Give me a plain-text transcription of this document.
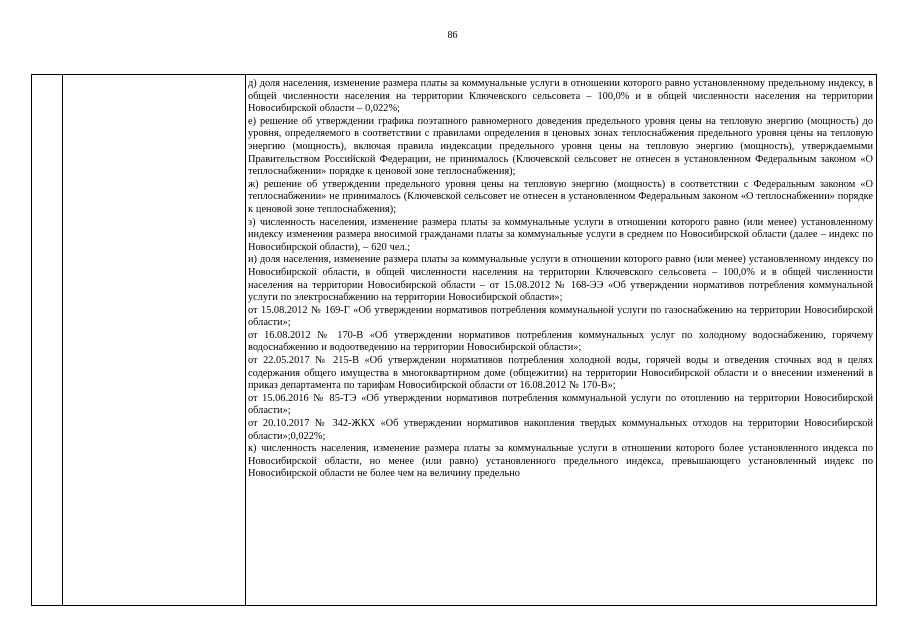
86

д) доля населения, изменение размера платы за коммунальные услуги в отношении которого равно установленному предельному индексу, в общей численности населения на территории Ключевского сельсовета – 100,0% и в общей численности населения на территории Новосибирской области – 0,022%;

е) решение об утверждении графика поэтапного равномерного доведения предельного уровня цены на тепловую энергию (мощность) до уровня, определяемого в соответствии с правилами определения в ценовых зонах теплоснабжения предельного уровня цены на тепловую энергию (мощность), включая правила индексации предельного уровня цены на тепловую энергию (мощность), утверждаемыми Правительством Российской Федерации, не принималось (Ключевской сельсовет не отнесен в установленном Федеральным законом «О теплоснабжении» порядке к ценовой зоне теплоснабжения);

ж) решение об утверждении предельного уровня цены на тепловую энергию (мощность) в соответствии с Федеральным законом «О теплоснабжении» не принималось (Ключевской сельсовет не отнесен в установленном Федеральным законом «О теплоснабжении» порядке к ценовой зоне теплоснабжения);

з) численность населения, изменение размера платы за коммунальные услуги в отношении которого равно (или менее) установленному индексу изменения размера вносимой гражданами платы за коммунальные услуги в среднем по Новосибирской области (далее – индекс по Новосибирской области), – 620 чел.;

и) доля населения, изменение размера платы за коммунальные услуги в отношении которого равно (или менее) установленному индексу по Новосибирской области, в общей численности населения на территории Ключевского сельсовета – 100,0% и в общей численности населения на территории Новосибирской области – от 15.08.2012 № 168-ЭЭ «Об утверждении нормативов потребления коммунальной услуги по электроснабжению на территории Новосибирской области»;

от 15.08.2012 № 169-Г «Об утверждении нормативов потребления коммунальной услуги по газоснабжению на территории Новосибирской области»;

от 16.08.2012 № 170-В «Об утверждении нормативов потребления коммунальных услуг по холодному водоснабжению, горячему водоснабжению и водоотведению на территории Новосибирской области»;

от 22.05.2017 № 215-В «Об утверждении нормативов потребления холодной воды, горячей воды и отведения сточных вод в целях содержания общего имущества в многоквартирном доме (общежитии) на территории Новосибирской области и о внесении изменений в приказ департамента по тарифам Новосибирской области от 16.08.2012 № 170-В»;

от 15.06.2016 № 85-ТЭ «Об утверждении нормативов потребления коммунальной услуги по отоплению на территории Новосибирской области»;

от 20.10.2017 № 342-ЖКХ «Об утверждении нормативов накопления твердых коммунальных отходов на территории Новосибирской области»;0,022%;

к) численность населения, изменение размера платы за коммунальные услуги в отношении которого более установленного индекса по Новосибирской области, но менее (или равно) установленного предельного индекса, превышающего установленный индекс по Новосибирской области не более чем на величину предельно
